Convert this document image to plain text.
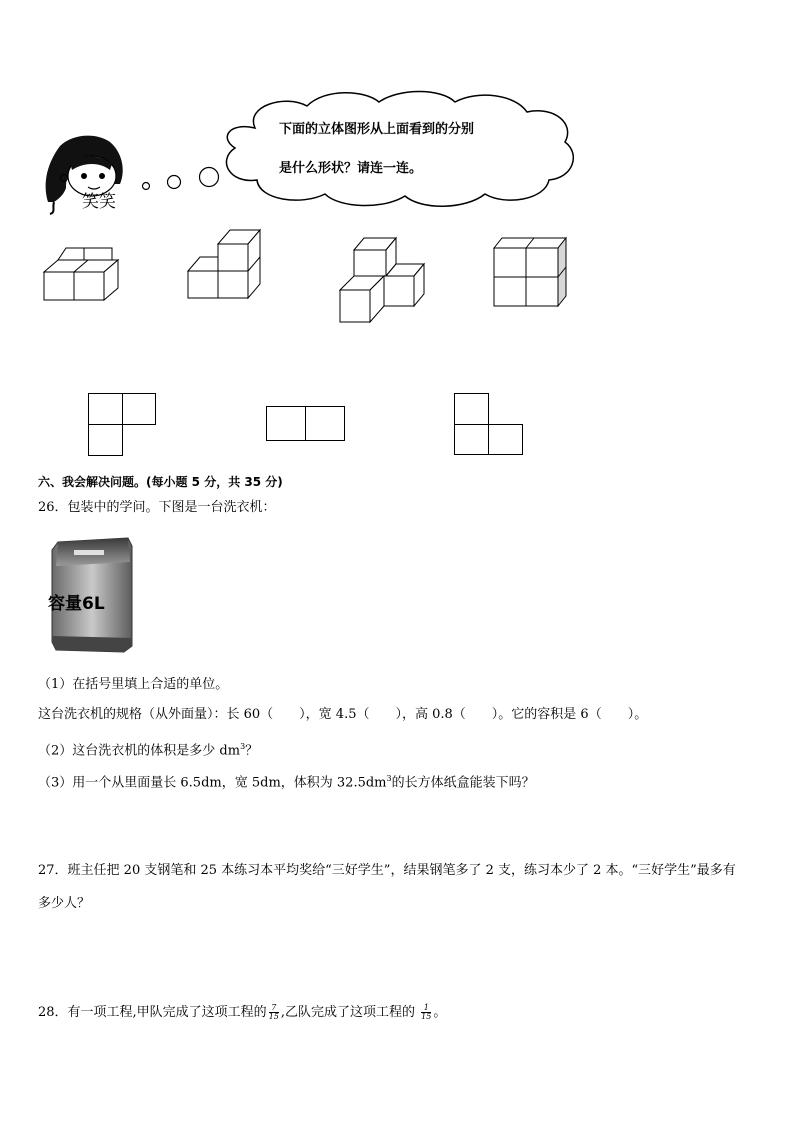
笑笑
下面的立体图形从上面看到的分别
是什么形状？请连一连。
六、我会解决问题。(每小题 5 分，共 35 分)
26．包装中的学问。下图是一台洗衣机：
容量6L
（1）在括号里填上合适的单位。
这台洗衣机的规格（从外面量）：长 60（　　），宽 4.5（　　），高 0.8（　　）。它的容积是 6（　　）。
（2）这台洗衣机的体积是多少 $dm^3$？
（3）用一个从里面量长 6.5dm，宽 5dm，体积为 $32.5dm^3$的长方体纸盒能装下吗？
27．班主任把 20 支钢笔和 25 本练习本平均奖给“三好学生”，结果钢笔多了 2 支，练习本少了 2 本。“三好学生”最多有
多少人？
28．有一项工程,甲队完成了这项工程的 $\frac{7}{15}$ ,乙队完成了这项工程的 $\frac{1}{15}$ 。
